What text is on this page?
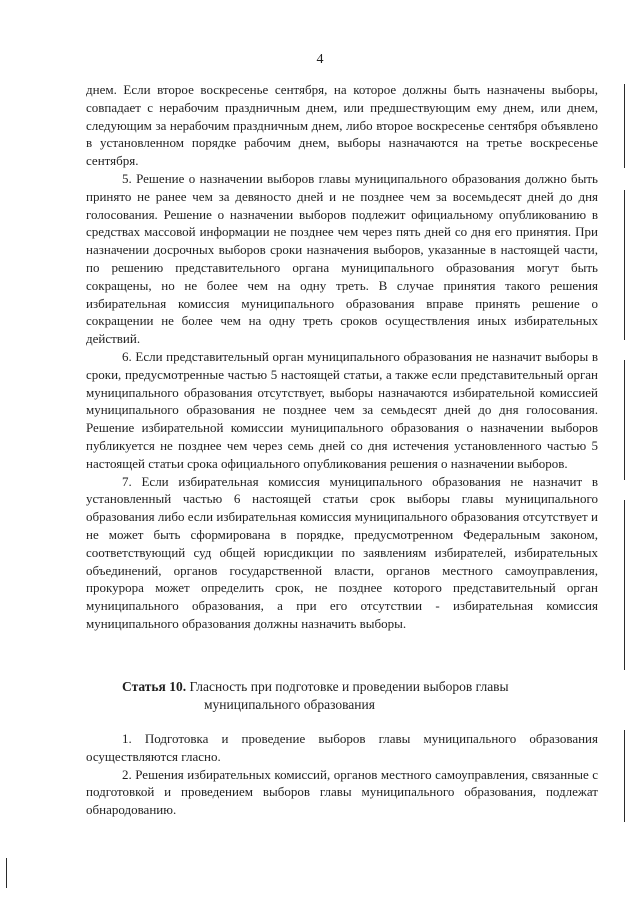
4

днем. Если второе воскресенье сентября, на которое должны быть назначены выборы, совпадает с нерабочим праздничным днем, или предшествующим ему днем, или днем, следующим за нерабочим праздничным днем, либо второе воскресенье сентября объявлено в установленном порядке рабочим днем, выборы назначаются на третье воскресенье сентября.

5. Решение о назначении выборов главы муниципального образования должно быть принято не ранее чем за девяносто дней и не позднее чем за восемьдесят дней до дня голосования. Решение о назначении выборов подлежит официальному опубликованию в средствах массовой информации не позднее чем через пять дней со дня его принятия. При назначении досрочных выборов сроки назначения выборов, указанные в настоящей части, по решению представительного органа муниципального образования могут быть сокращены, но не более чем на одну треть. В случае принятия такого решения избирательная комиссия муниципального образования вправе принять решение о сокращении не более чем на одну треть сроков осуществления иных избирательных действий.

6. Если представительный орган муниципального образования не назначит выборы в сроки, предусмотренные частью 5 настоящей статьи, а также если представительный орган муниципального образования отсутствует, выборы назначаются избирательной комиссией муниципального образования не позднее чем за семьдесят дней до дня голосования. Решение избирательной комиссии муниципального образования о назначении выборов публикуется не позднее чем через семь дней со дня истечения установленного частью 5 настоящей статьи срока официального опубликования решения о назначении выборов.

7. Если избирательная комиссия муниципального образования не назначит в установленный частью 6 настоящей статьи срок выборы главы муниципального образования либо если избирательная комиссия муниципального образования отсутствует и не может быть сформирована в порядке, предусмотренном Федеральным законом, соответствующий суд общей юрисдикции по заявлениям избирателей, избирательных объединений, органов государственной власти, органов местного самоуправления, прокурора может определить срок, не позднее которого представительный орган муниципального образования, а при его отсутствии - избирательная комиссия муниципального образования должны назначить выборы.

Статья 10. Гласность при подготовке и проведении выборов главы
муниципального образования

1. Подготовка и проведение выборов главы муниципального образования осуществляются гласно.

2. Решения избирательных комиссий, органов местного самоуправления, связанные с подготовкой и проведением выборов главы муниципального образования, подлежат обнародованию.
